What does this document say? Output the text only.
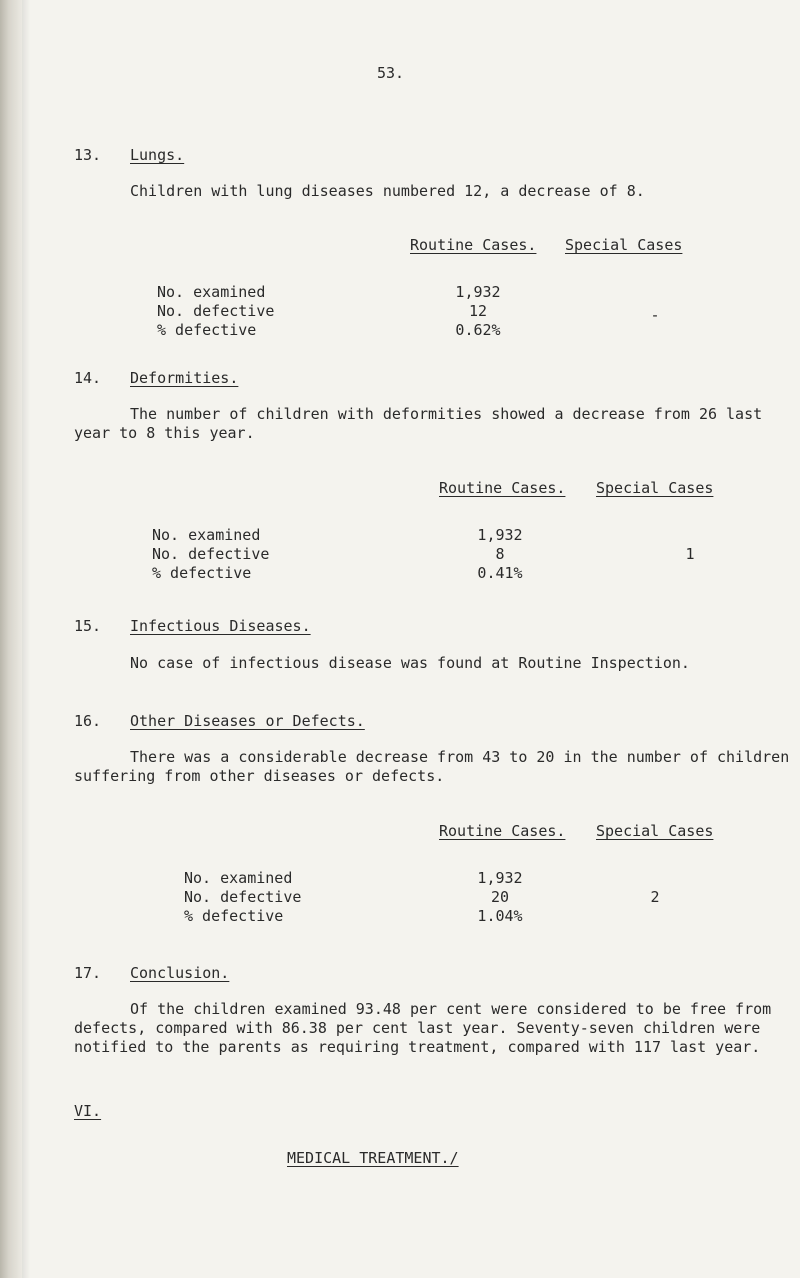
53.
13. Lungs.
Children with lung diseases numbered 12, a decrease of 8.
Routine Cases. Special Cases
No. examined	1,932
No. defective	12	-
% defective	0.62%
14. Deformities.
The number of children with deformities showed a decrease from 26 last
year to 8 this year.
Routine Cases. Special Cases
No. examined	1,932
No. defective	8	1
% defective	0.41%
15. Infectious Diseases.
No case of infectious disease was found at Routine Inspection.
16. Other Diseases or Defects.
There was a considerable decrease from 43 to 20 in the number of children
suffering from other diseases or defects.
Routine Cases. Special Cases
No. examined	1,932
No. defective	20	2
% defective	1.04%
17. Conclusion.
Of the children examined 93.48 per cent were considered to be free from
defects, compared with 86.38 per cent last year. Seventy-seven children were
notified to the parents as requiring treatment, compared with 117 last year.
VI.
MEDICAL TREATMENT./
